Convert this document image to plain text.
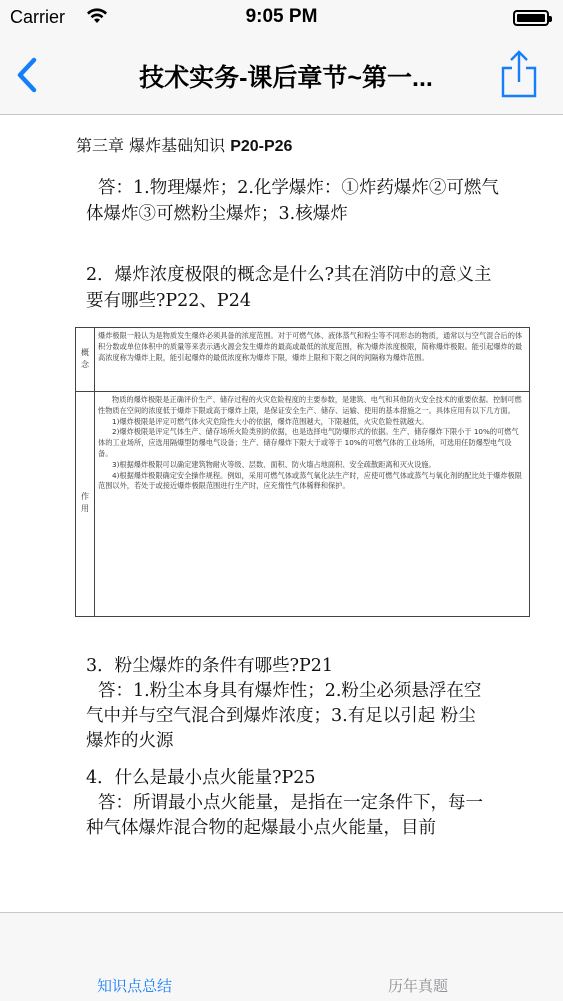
Carrier	9:05 PM
技术实务-课后章节~第一...
第三章 爆炸基础知识 P20-P26
答：1.物理爆炸；2.化学爆炸：①炸药爆炸②可燃气
体爆炸③可燃粉尘爆炸；3.核爆炸
2．爆炸浓度极限的概念是什么?其在消防中的意义主
要有哪些?P22、P24
概念
爆炸极限一般认为是物质发生爆炸必须具备的浓度范围。对于可燃气体、液体蒸气和粉尘等不同形态的物质，通常以与空气混合后的体积分数或单位体积中的质量等来表示遇火源会发生爆炸的最高或最低的浓度范围，称为爆炸浓度极限，简称爆炸极限。能引起爆炸的最高浓度称为爆炸上限，能引起爆炸的最低浓度称为爆炸下限，爆炸上限和下限之间的间隔称为爆炸范围。
作用
物质的爆炸极限是正确评价生产、储存过程的火灾危险程度的主要参数，是建筑、电气和其他防火安全技术的重要依据。控制可燃性物质在空间的浓度低于爆炸下限或高于爆炸上限，是保证安全生产、储存、运输、使用的基本措施之一。具体应用有以下几方面。
1)爆炸极限是评定可燃气体火灾危险性大小的依据，爆炸范围越大，下限越低，火灾危险性就越大。
2)爆炸极限是评定气体生产、储存场所火险类别的依据，也是选择电气防爆形式的依据。生产、储存爆炸下限小于 10%的可燃气体的工业场所，应选用隔爆型防爆电气设备；生产、储存爆炸下限大于或等于 10%的可燃气体的工业场所，可选用任防爆型电气设备。
3)根据爆炸极限可以确定建筑物耐火等级、层数、面积、防火墙占地面积、安全疏散距离和灭火设施。
4)根据爆炸极限确定安全操作规程。例如，采用可燃气体或蒸气氧化法生产时，应使可燃气体或蒸气与氧化剂的配比处于爆炸极限范围以外，若处于或接近爆炸极限范围进行生产时，应充惰性气体稀释和保护。
3．粉尘爆炸的条件有哪些?P21
答：1.粉尘本身具有爆炸性；2.粉尘必须悬浮在空
气中并与空气混合到爆炸浓度；3.有足以引起 粉尘
爆炸的火源
4．什么是最小点火能量?P25
答：所谓最小点火能量，是指在一定条件下，每一
种气体爆炸混合物的起爆最小点火能量，目前
知识点总结	历年真题
